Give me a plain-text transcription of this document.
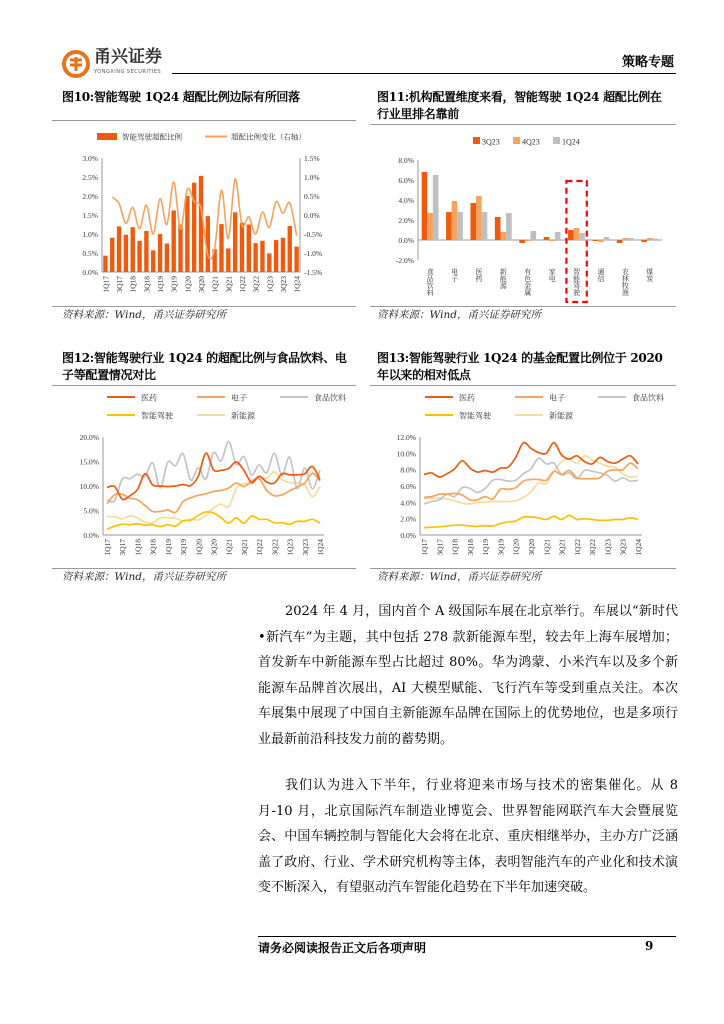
甬兴证券
YONGXING SECURITIES
策略专题
图10:智能驾驶 1Q24 超配比例边际有所回落
智能驾驶超配比例	超配比例变化（右轴）
0.0%
0.5%
1.0%
1.5%
2.0%
2.5%
3.0%
-1.5%
-1.0%
-0.5%
0.0%
0.5%
1.0%
1.5%
1Q17 3Q17 1Q18 3Q18 1Q19 3Q19 1Q20 3Q20 1Q21 3Q21 1Q22 3Q22 1Q23 3Q23 1Q24
资料来源：Wind，甬兴证券研究所
图11:机构配置维度来看，智能驾驶 1Q24 超配比例在
行业里排名靠前
3Q23	4Q23	1Q24
-2.0%
0.0%
2.0%
4.0%
6.0%
8.0%
食品饮料 电子 医药 新能源 有色金属 家电 智能驾驶 通信 农林牧渔 煤炭
资料来源：Wind，甬兴证券研究所
图12:智能驾驶行业 1Q24 的超配比例与食品饮料、电
子等配置情况对比
医药	电子	食品饮料
智能驾驶	新能源
0.0%
5.0%
10.0%
15.0%
20.0%
1Q17 3Q17 1Q18 3Q18 1Q19 3Q19 1Q20 3Q20 1Q21 3Q21 1Q22 3Q22 1Q23 3Q23 1Q24
资料来源：Wind，甬兴证券研究所
图13:智能驾驶行业 1Q24 的基金配置比例位于 2020
年以来的相对低点
医药	电子	食品饮料
智能驾驶	新能源
0.0%
2.0%
4.0%
6.0%
8.0%
10.0%
12.0%
1Q17 3Q17 1Q18 3Q18 1Q19 3Q19 1Q20 3Q20 1Q21 3Q21 1Q22 3Q22 1Q23 3Q23 1Q24
资料来源：Wind，甬兴证券研究所

2024 年 4 月，国内首个 A 级国际车展在北京举行。车展以“新时代 •新汽车”为主题，其中包括 278 款新能源车型，较去年上海车展增加；首发新车中新能源车型占比超过 80%。华为鸿蒙、小米汽车以及多个新能源车品牌首次展出，AI 大模型赋能、飞行汽车等受到重点关注。本次车展集中展现了中国自主新能源车品牌在国际上的优势地位，也是多项行业最新前沿科技发力前的蓄势期。

我们认为进入下半年，行业将迎来市场与技术的密集催化。从 8 月-10 月，北京国际汽车制造业博览会、世界智能网联汽车大会暨展览会、中国车辆控制与智能化大会将在北京、重庆相继举办，主办方广泛涵盖了政府、行业、学术研究机构等主体，表明智能汽车的产业化和技术演变不断深入，有望驱动汽车智能化趋势在下半年加速突破。

请务必阅读报告正文后各项声明	9
